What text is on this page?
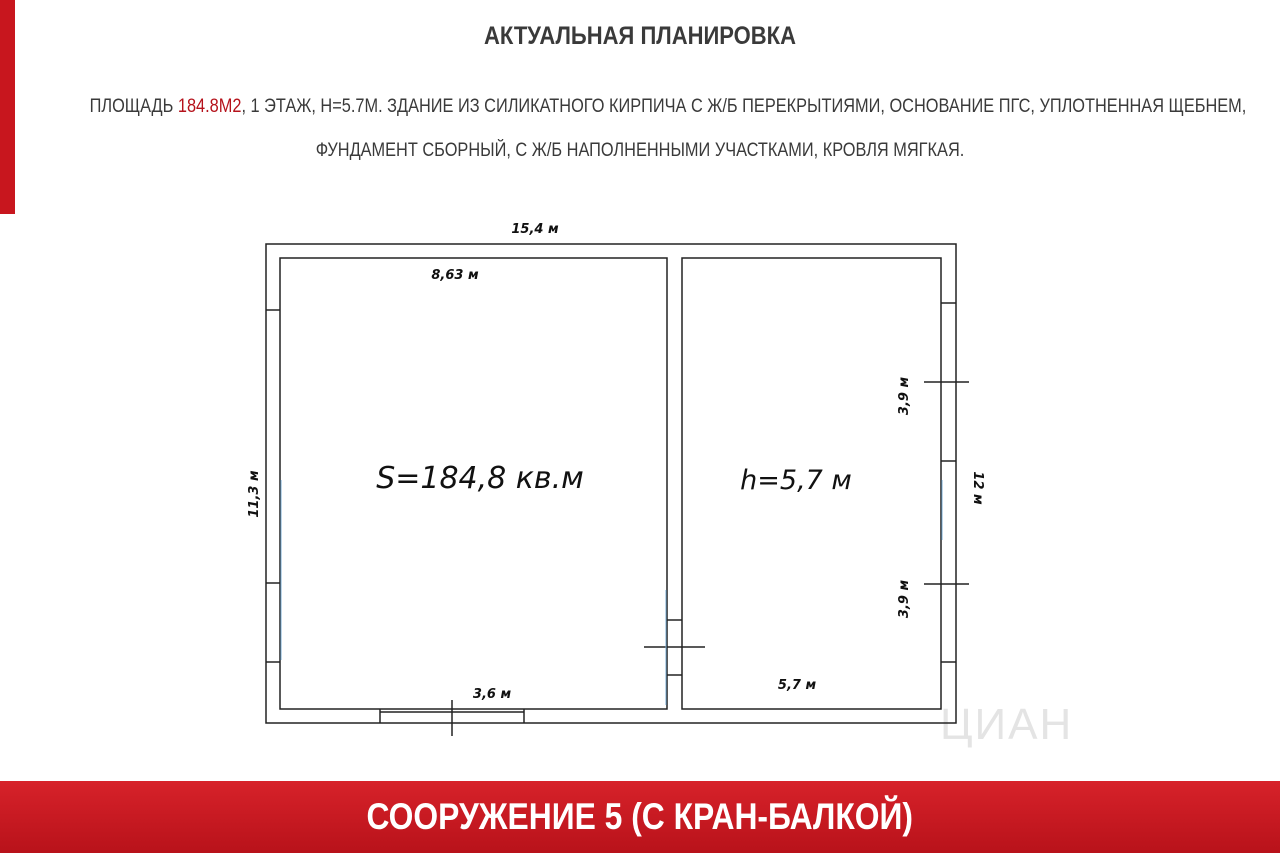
АКТУАЛЬНАЯ ПЛАНИРОВКА
ПЛОЩАДЬ 184.8М2, 1 ЭТАЖ, H=5.7М. ЗДАНИЕ ИЗ СИЛИКАТНОГО КИРПИЧА С Ж/Б ПЕРЕКРЫТИЯМИ, ОСНОВАНИЕ ПГС, УПЛОТНЕННАЯ ЩЕБНЕМ,
ФУНДАМЕНТ СБОРНЫЙ, С Ж/Б НАПОЛНЕННЫМИ УЧАСТКАМИ, КРОВЛЯ МЯГКАЯ.
ЦИАН
15,4 м
8,63 м
11,3 м
3,6 м
5,7 м
12 м
3,9 м
3,9 м
S=184,8 кв.м	h=5,7 м
СООРУЖЕНИЕ 5 (С КРАН-БАЛКОЙ)
